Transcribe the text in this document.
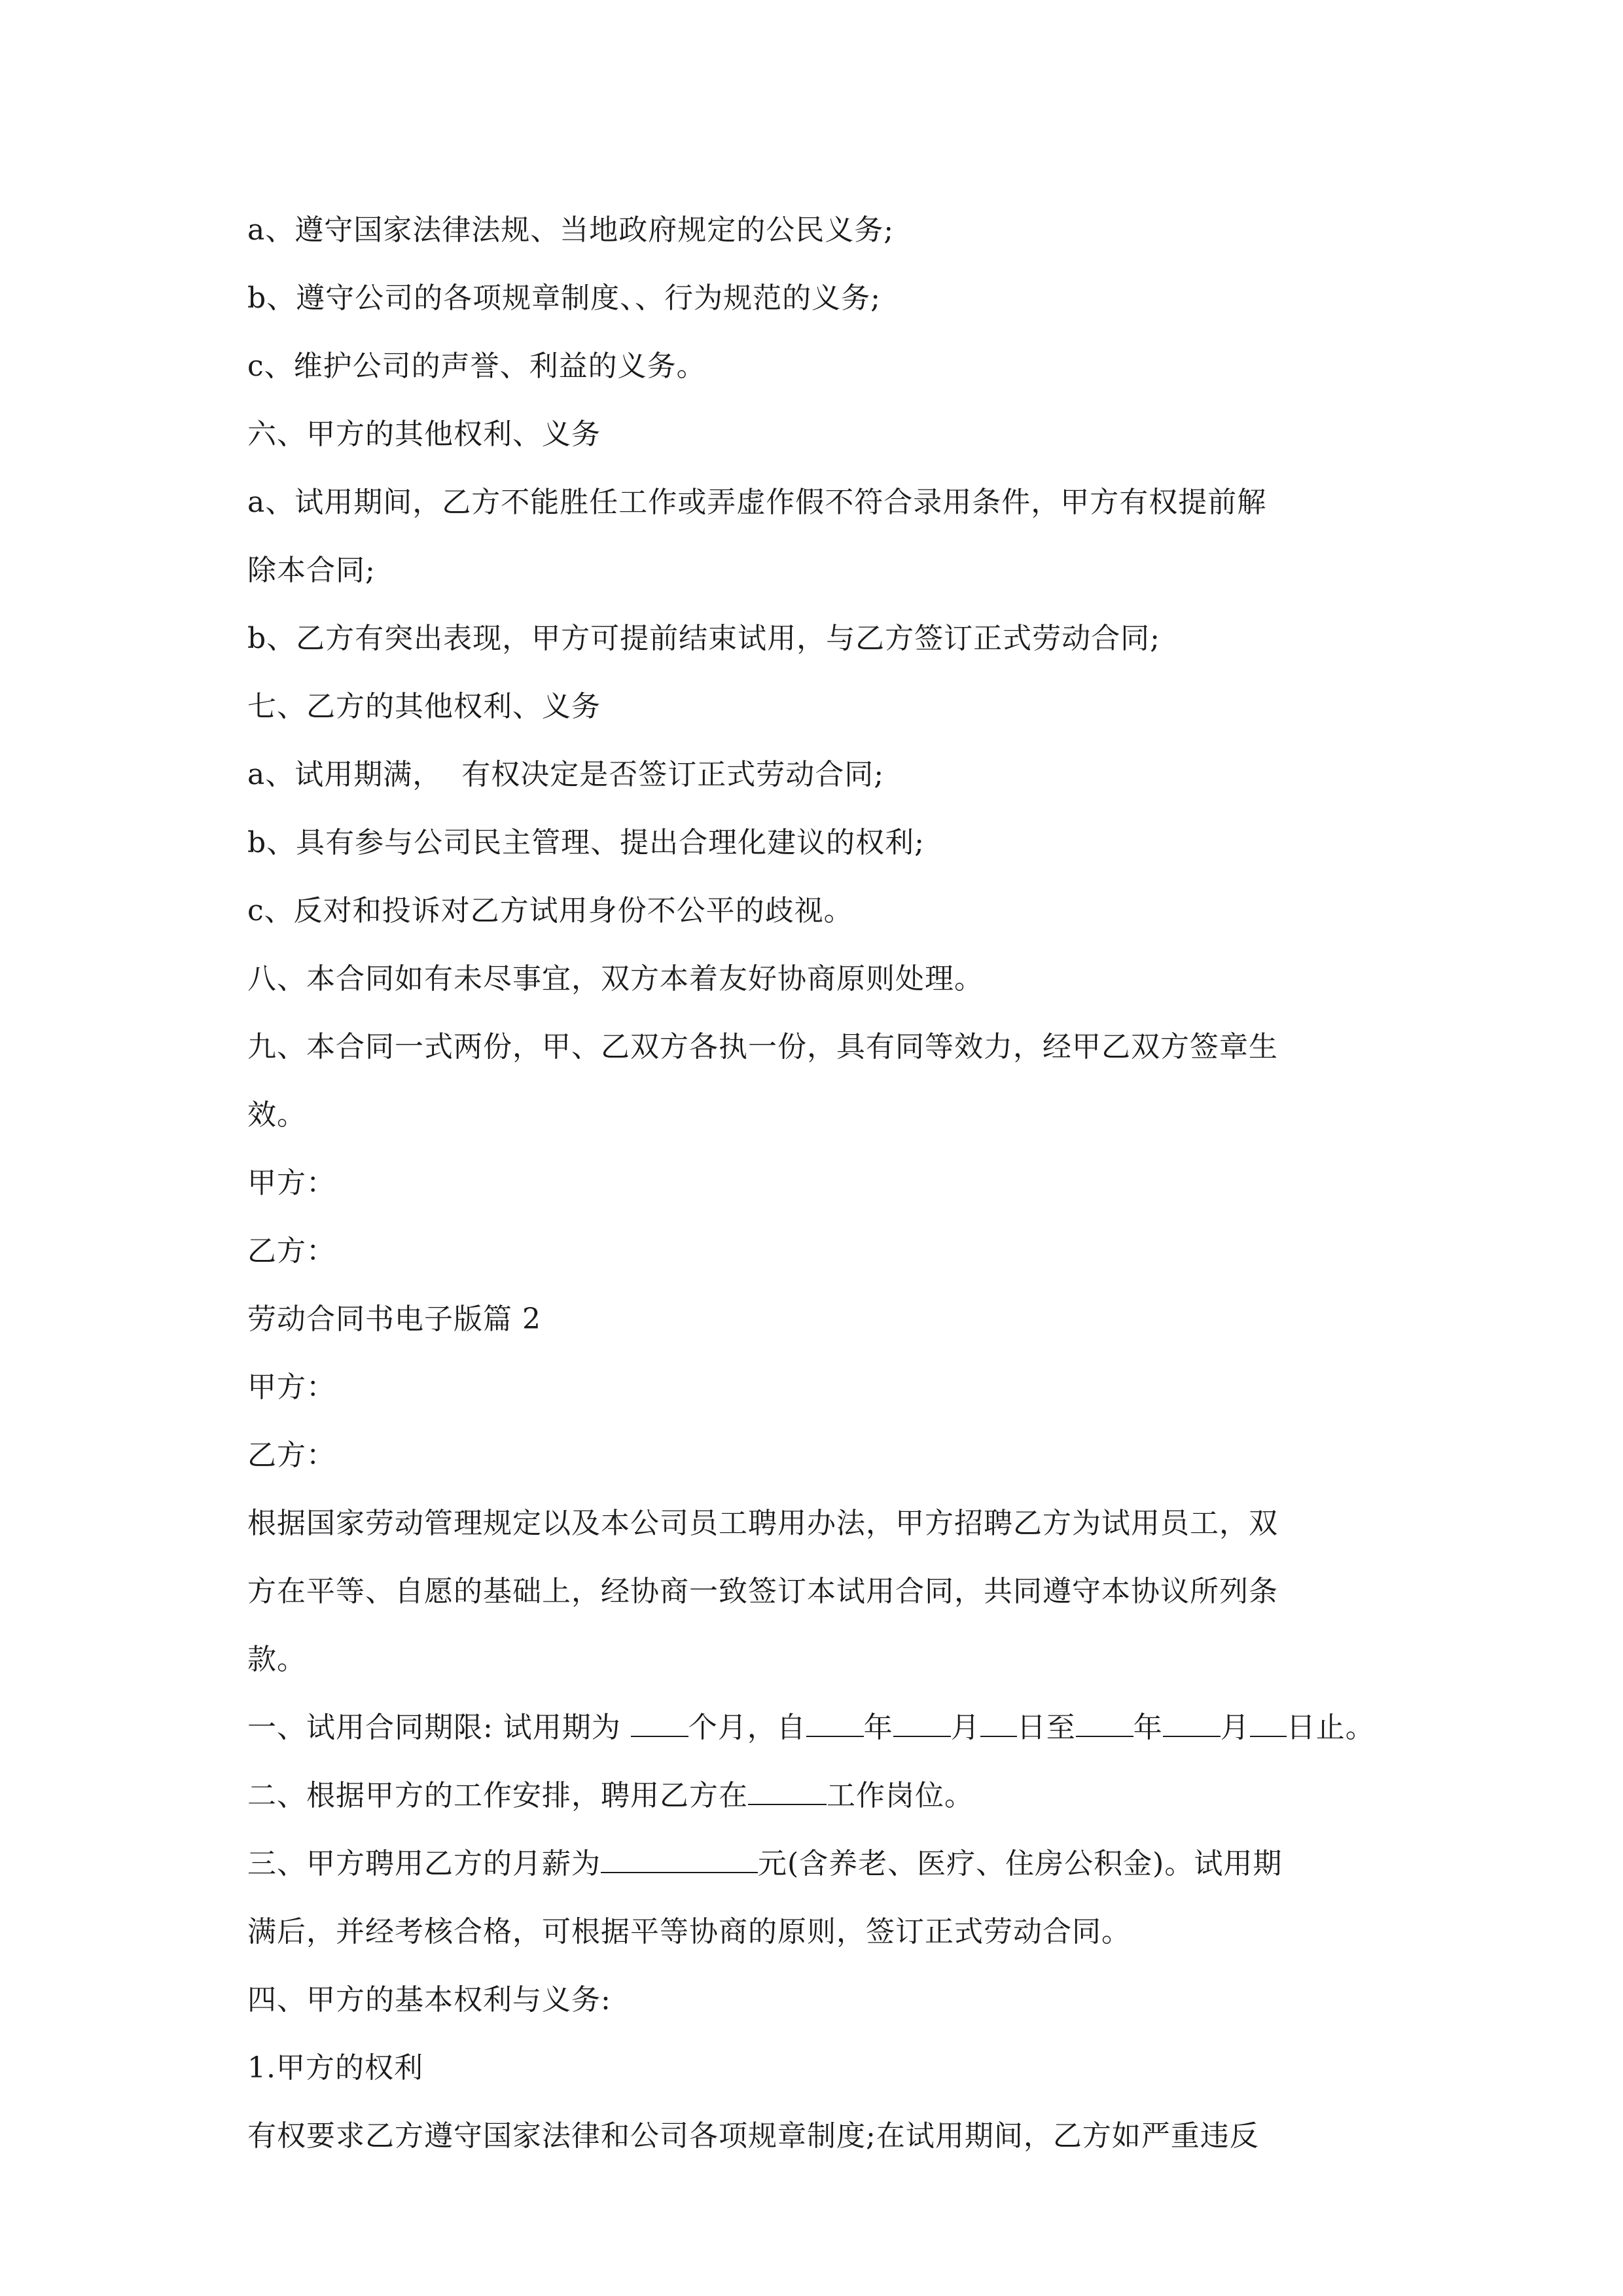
a、遵守国家法律法规、当地政府规定的公民义务;
b、遵守公司的各项规章制度、、行为规范的义务;
c、维护公司的声誉、利益的义务。
六、甲方的其他权利、义务
a、试用期间，乙方不能胜任工作或弄虚作假不符合录用条件，甲方有权提前解
除本合同;
b、乙方有突出表现，甲方可提前结束试用，与乙方签订正式劳动合同;
七、乙方的其他权利、义务
a、试用期满，  有权决定是否签订正式劳动合同;
b、具有参与公司民主管理、提出合理化建议的权利;
c、反对和投诉对乙方试用身份不公平的歧视。
八、本合同如有未尽事宜，双方本着友好协商原则处理。
九、本合同一式两份，甲、乙双方各执一份，具有同等效力，经甲乙双方签章生
效。
甲方：
乙方：
劳动合同书电子版篇 2
甲方：
乙方：
根据国家劳动管理规定以及本公司员工聘用办法，甲方招聘乙方为试用员工，双
方在平等、自愿的基础上，经协商一致签订本试用合同，共同遵守本协议所列条
款。
一、试用合同期限: 试用期为 个月，自 年 月 日至 年 月 日止。
二、根据甲方的工作安排，聘用乙方在	工作岗位。
三、甲方聘用乙方的月薪为	元(含养老、医疗、住房公积金)。试用期
满后，并经考核合格，可根据平等协商的原则，签订正式劳动合同。
四、甲方的基本权利与义务:
1.甲方的权利
有权要求乙方遵守国家法律和公司各项规章制度;在试用期间，乙方如严重违反
